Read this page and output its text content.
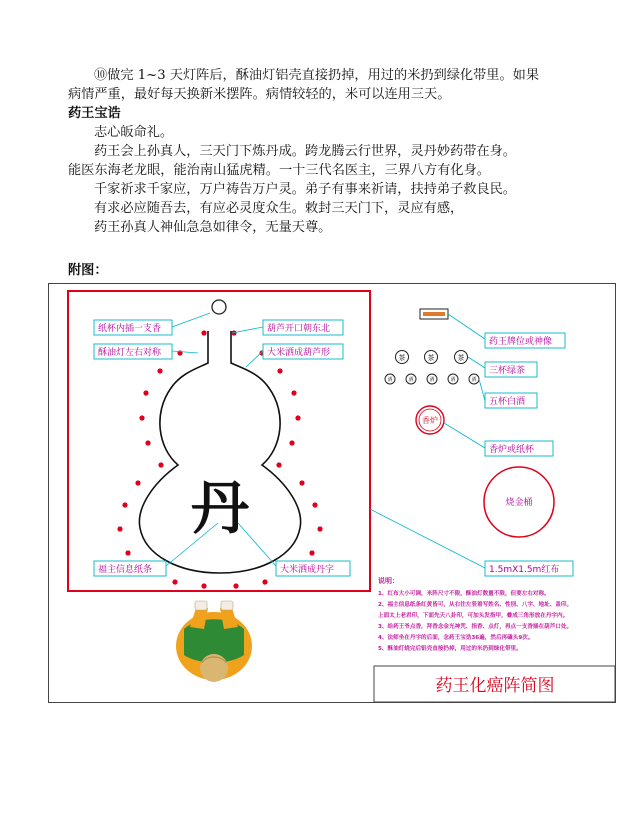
⑩做完 1~3 天灯阵后，酥油灯铝壳直接扔掉，用过的米扔到绿化带里。如果

病情严重，最好每天换新米摆阵。病情较轻的，米可以连用三天。

药王宝诰

志心皈命礼。

药王会上孙真人，三天门下炼丹成。跨龙腾云行世界，灵丹妙药带在身。

能医东海老龙眼，能治南山猛虎精。一十三代名医主，三界八方有化身。

千家祈求千家应，万户祷告万户灵。弟子有事来祈请，扶持弟子救良民。

有求必应随吾去，有应必灵度众生。敕封三天门下，灵应有感，

药王孙真人神仙急急如律令，无量天尊。

附图：
丹
纸杯内插一支香
酥油灯左右对称
葫芦开口朝东北
大米洒成葫芦形
福主信息纸条	大米洒成丹字
茶	茶	茶
酒	酒	酒	酒	酒
香炉
药王牌位或神像
三杯绿茶
五杯白酒
香炉或纸杯
烧金桶
1.5mX1.5m红布
说明：
1、红布大小可调，米阵尺寸不限，酥油灯数量不限，但要左右对称。
2、福主信息纸条红黄皆可，从右往左竖着写姓名、性别、八字、地址、盖印。
上面太上老君印，下面先天八卦印，可加头发指甲，叠成三角形放在丹字内。
3、给药王爷点香，拜香念金光神咒、指香、点灯，再点一支香插在葫芦口处。
4、法师坐在丹字的后面，念药王宝诰36遍，然后再磕头9次。
5、酥油灯烧完后铝壳直接扔掉，用过的米扔到绿化带里。
药王化癌阵简图
